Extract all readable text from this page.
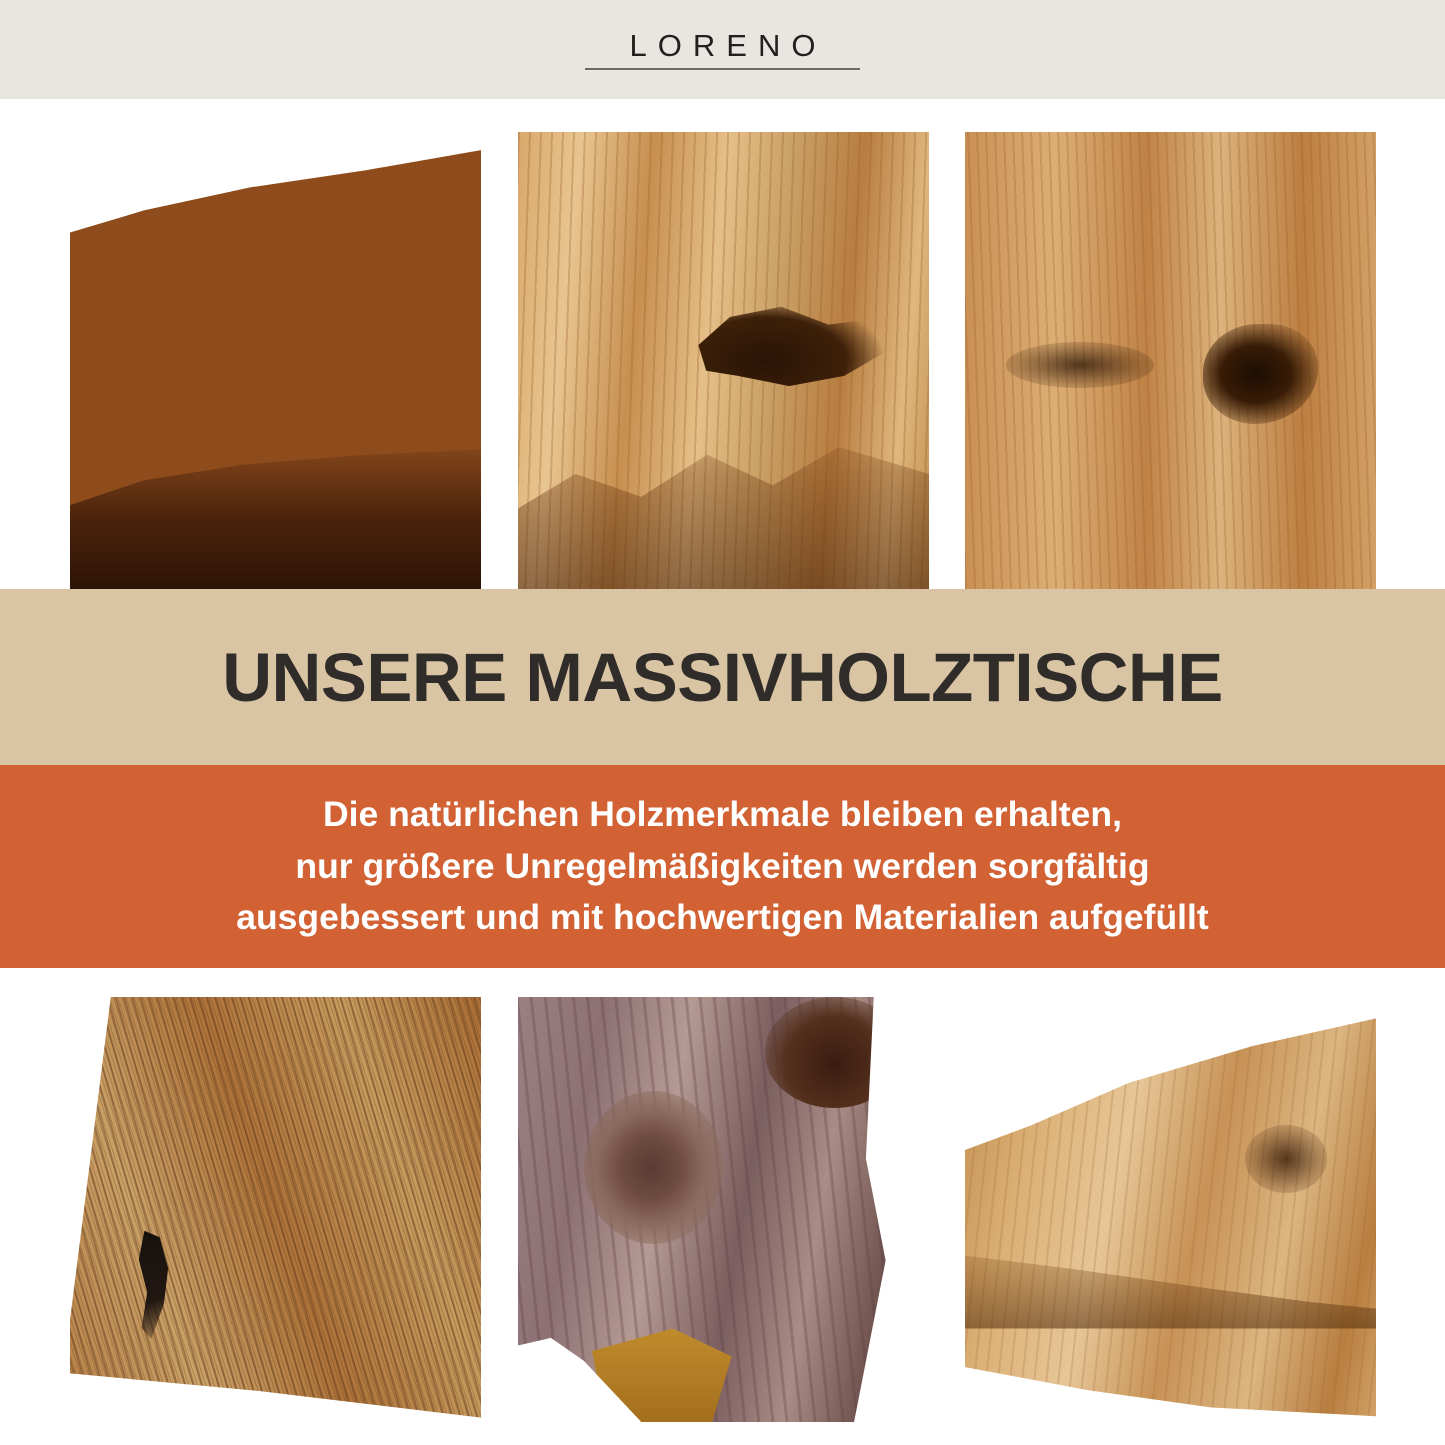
LORENO
UNSERE MASSIVHOLZTISCHE

Die natürlichen Holzmerkmale bleiben erhalten,
nur größere Unregelmäßigkeiten werden sorgfältig
ausgebessert und mit hochwertigen Materialien aufgefüllt
